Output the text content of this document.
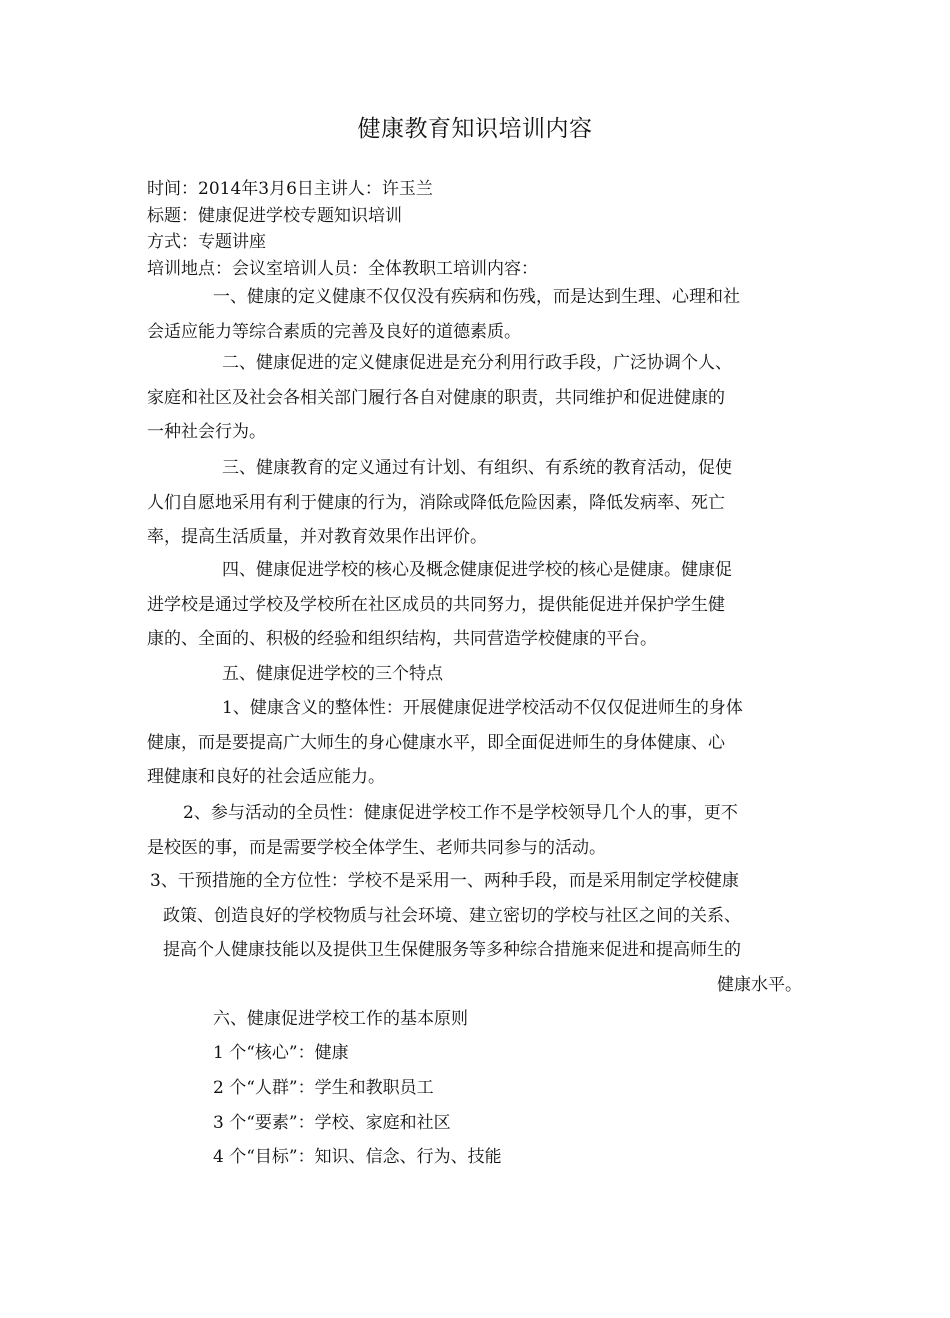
健康教育知识培训内容
时间：2014年3月6日主讲人：许玉兰
标题：健康促进学校专题知识培训
方式：专题讲座
培训地点：会议室培训人员：全体教职工培训内容：
一、健康的定义健康不仅仅没有疾病和伤残，而是达到生理、心理和社
会适应能力等综合素质的完善及良好的道德素质。
二、健康促进的定义健康促进是充分利用行政手段，广泛协调个人、
家庭和社区及社会各相关部门履行各自对健康的职责，共同维护和促进健康的
一种社会行为。
三、健康教育的定义通过有计划、有组织、有系统的教育活动，促使
人们自愿地采用有利于健康的行为，消除或降低危险因素，降低发病率、死亡
率，提高生活质量，并对教育效果作出评价。
四、健康促进学校的核心及概念健康促进学校的核心是健康。健康促
进学校是通过学校及学校所在社区成员的共同努力，提供能促进并保护学生健
康的、全面的、积极的经验和组织结构，共同营造学校健康的平台。
五、健康促进学校的三个特点
1、健康含义的整体性：开展健康促进学校活动不仅仅促进师生的身体
健康，而是要提高广大师生的身心健康水平，即全面促进师生的身体健康、心
理健康和良好的社会适应能力。
2、参与活动的全员性：健康促进学校工作不是学校领导几个人的事，更不
是校医的事，而是需要学校全体学生、老师共同参与的活动。
3、干预措施的全方位性：学校不是采用一、两种手段，而是采用制定学校健康
政策、创造良好的学校物质与社会环境、建立密切的学校与社区之间的关系、
提高个人健康技能以及提供卫生保健服务等多种综合措施来促进和提高师生的
健康水平。
六、健康促进学校工作的基本原则
1 个“核心”：健康
2 个“人群”：学生和教职员工
3 个“要素”：学校、家庭和社区
4 个“目标”：知识、信念、行为、技能
